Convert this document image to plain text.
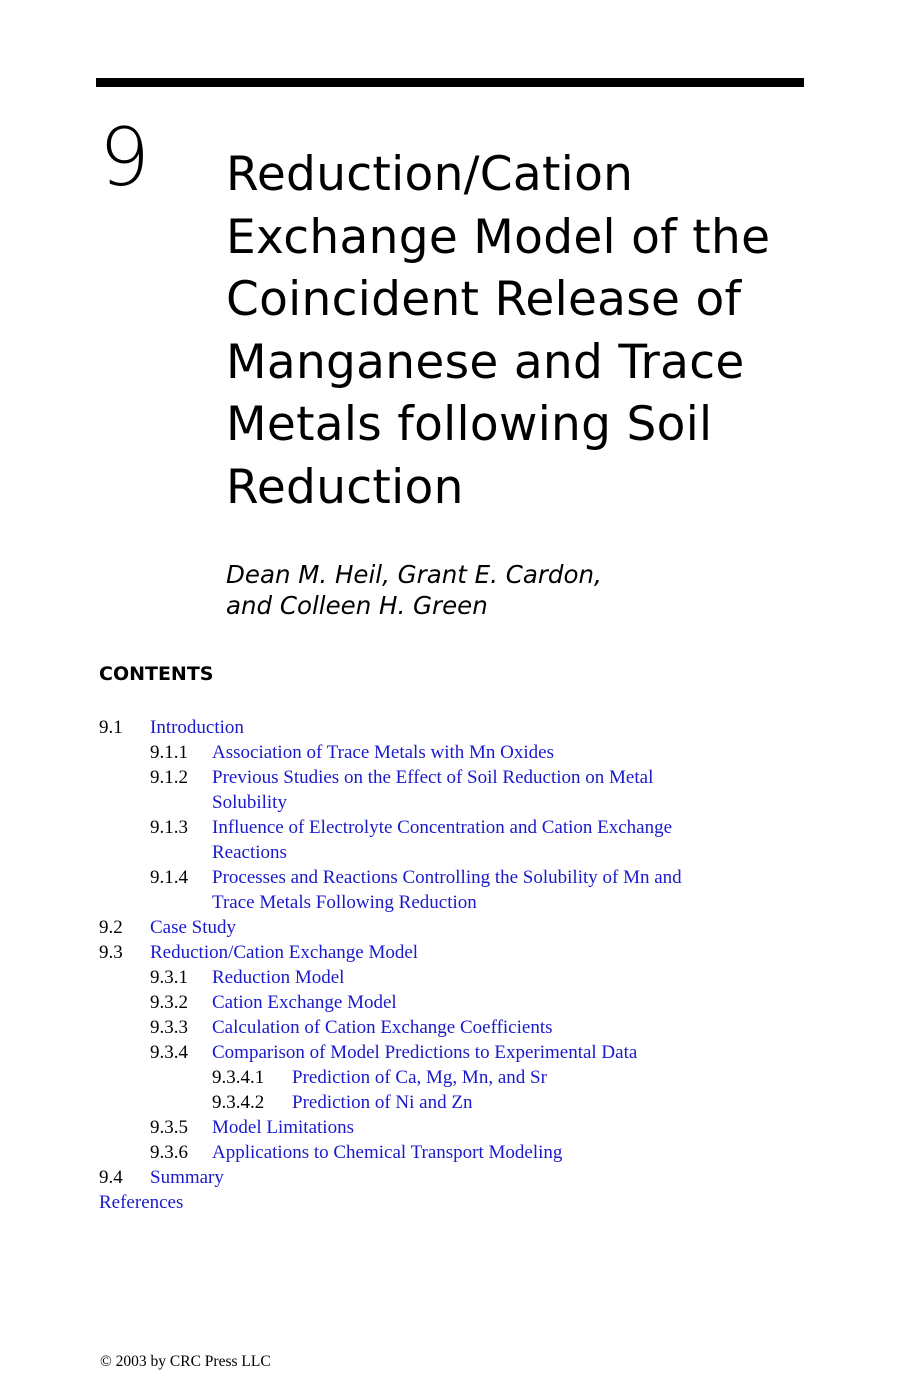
9 Reduction/Cation Exchange Model of the Coincident Release of Manganese and Trace Metals following Soil Reduction
Dean M. Heil, Grant E. Cardon,
and Colleen H. Green
CONTENTS
9.1 Introduction
9.1.1 Association of Trace Metals with Mn Oxides
9.1.2 Previous Studies on the Effect of Soil Reduction on Metal Solubility
9.1.3 Influence of Electrolyte Concentration and Cation Exchange Reactions
9.1.4 Processes and Reactions Controlling the Solubility of Mn and Trace Metals Following Reduction
9.2 Case Study
9.3 Reduction/Cation Exchange Model
9.3.1 Reduction Model
9.3.2 Cation Exchange Model
9.3.3 Calculation of Cation Exchange Coefficients
9.3.4 Comparison of Model Predictions to Experimental Data
9.3.4.1 Prediction of Ca, Mg, Mn, and Sr
9.3.4.2 Prediction of Ni and Zn
9.3.5 Model Limitations
9.3.6 Applications to Chemical Transport Modeling
9.4 Summary
References
© 2003 by CRC Press LLC
